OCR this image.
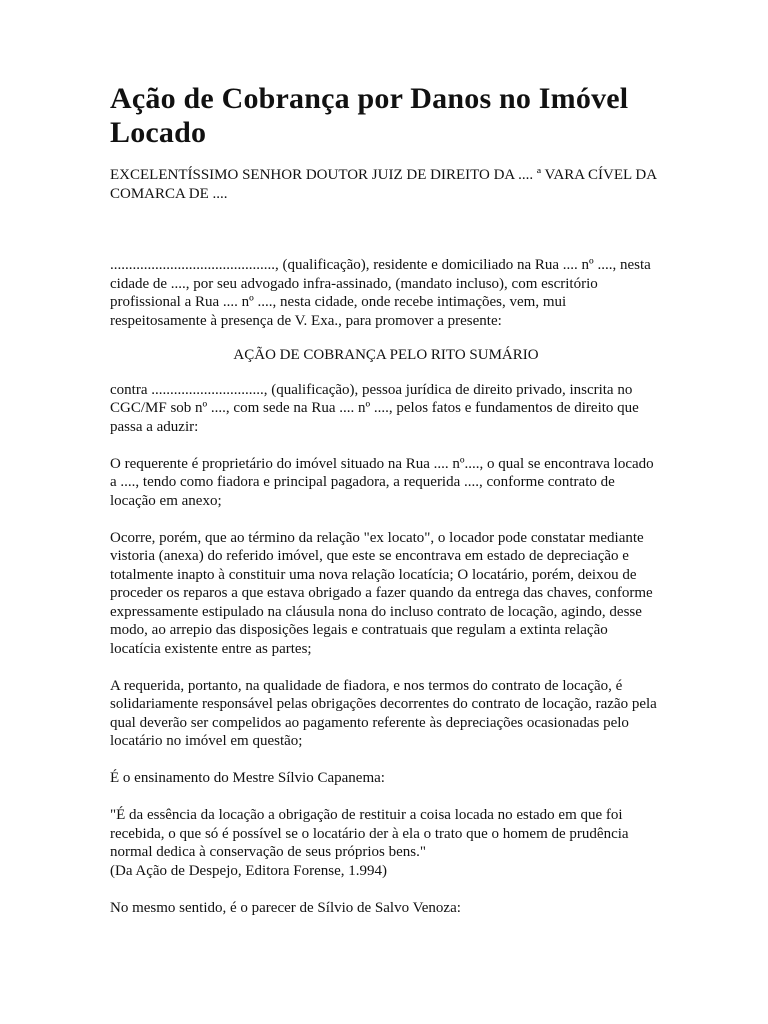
Ação de Cobrança por Danos no Imóvel Locado

EXCELENTÍSSIMO SENHOR DOUTOR JUIZ DE DIREITO DA .... ª VARA CÍVEL DA COMARCA DE ....

............................................, (qualificação), residente e domiciliado na Rua .... nº ...., nesta cidade de ...., por seu advogado infra-assinado, (mandato incluso), com escritório profissional a Rua .... nº ...., nesta cidade, onde recebe intimações, vem, mui respeitosamente à presença de V. Exa., para promover a presente:

AÇÃO DE COBRANÇA PELO RITO SUMÁRIO

contra .............................., (qualificação), pessoa jurídica de direito privado, inscrita no CGC/MF sob nº ...., com sede na Rua .... nº ...., pelos fatos e fundamentos de direito que passa a aduzir:

O requerente é proprietário do imóvel situado na Rua .... nº...., o qual se encontrava locado a ...., tendo como fiadora e principal pagadora, a requerida ...., conforme contrato de locação em anexo;

Ocorre, porém, que ao término da relação "ex locato", o locador pode constatar mediante vistoria (anexa) do referido imóvel, que este se encontrava em estado de depreciação e totalmente inapto à constituir uma nova relação locatícia; O locatário, porém, deixou de proceder os reparos a que estava obrigado a fazer quando da entrega das chaves, conforme expressamente estipulado na cláusula nona do incluso contrato de locação, agindo, desse modo, ao arrepio das disposições legais e contratuais que regulam a extinta relação locatícia existente entre as partes;

A requerida, portanto, na qualidade de fiadora, e nos termos do contrato de locação, é solidariamente responsável pelas obrigações decorrentes do contrato de locação, razão pela qual deverão ser compelidos ao pagamento referente às depreciações ocasionadas pelo locatário no imóvel em questão;

É o ensinamento do Mestre Sílvio Capanema:

"É da essência da locação a obrigação de restituir a coisa locada no estado em que foi recebida, o que só é possível se o locatário der à ela o trato que o homem de prudência normal dedica à conservação de seus próprios bens."

(Da Ação de Despejo, Editora Forense, 1.994)

No mesmo sentido, é o parecer de Sílvio de Salvo Venoza:
